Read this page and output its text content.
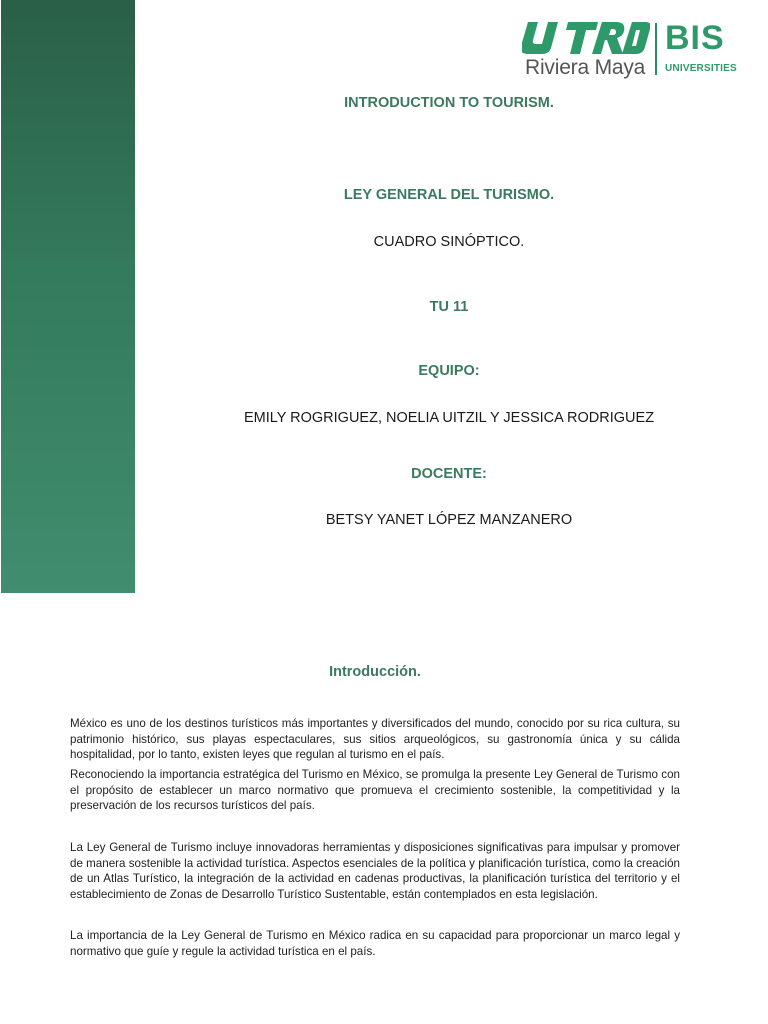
Riviera Maya
BIS
UNIVERSITIES
INTRODUCTION TO TOURISM.
LEY GENERAL DEL TURISMO.
CUADRO SINÓPTICO.
TU 11
EQUIPO:
EMILY ROGRIGUEZ, NOELIA UITZIL Y JESSICA RODRIGUEZ
DOCENTE:
BETSY YANET LÓPEZ MANZANERO
Introducción.

México es uno de los destinos turísticos más importantes y diversificados del mundo, conocido por su rica cultura, su patrimonio histórico, sus playas espectaculares, sus sitios arqueológicos, su gastronomía única y su cálida hospitalidad, por lo tanto, existen leyes que regulan al turismo en el país.

Reconociendo la importancia estratégica del Turismo en México, se promulga la presente Ley General de Turismo con el propósito de establecer un marco normativo que promueva el crecimiento sostenible, la competitividad y la preservación de los recursos turísticos del país.

La Ley General de Turismo incluye innovadoras herramientas y disposiciones significativas para impulsar y promover de manera sostenible la actividad turística. Aspectos esenciales de la política y planificación turística, como la creación de un Atlas Turístico, la integración de la actividad en cadenas productivas, la planificación turística del territorio y el establecimiento de Zonas de Desarrollo Turístico Sustentable, están contemplados en esta legislación.

La importancia de la Ley General de Turismo en México radica en su capacidad para proporcionar un marco legal y normativo que guíe y regule la actividad turística en el país.
